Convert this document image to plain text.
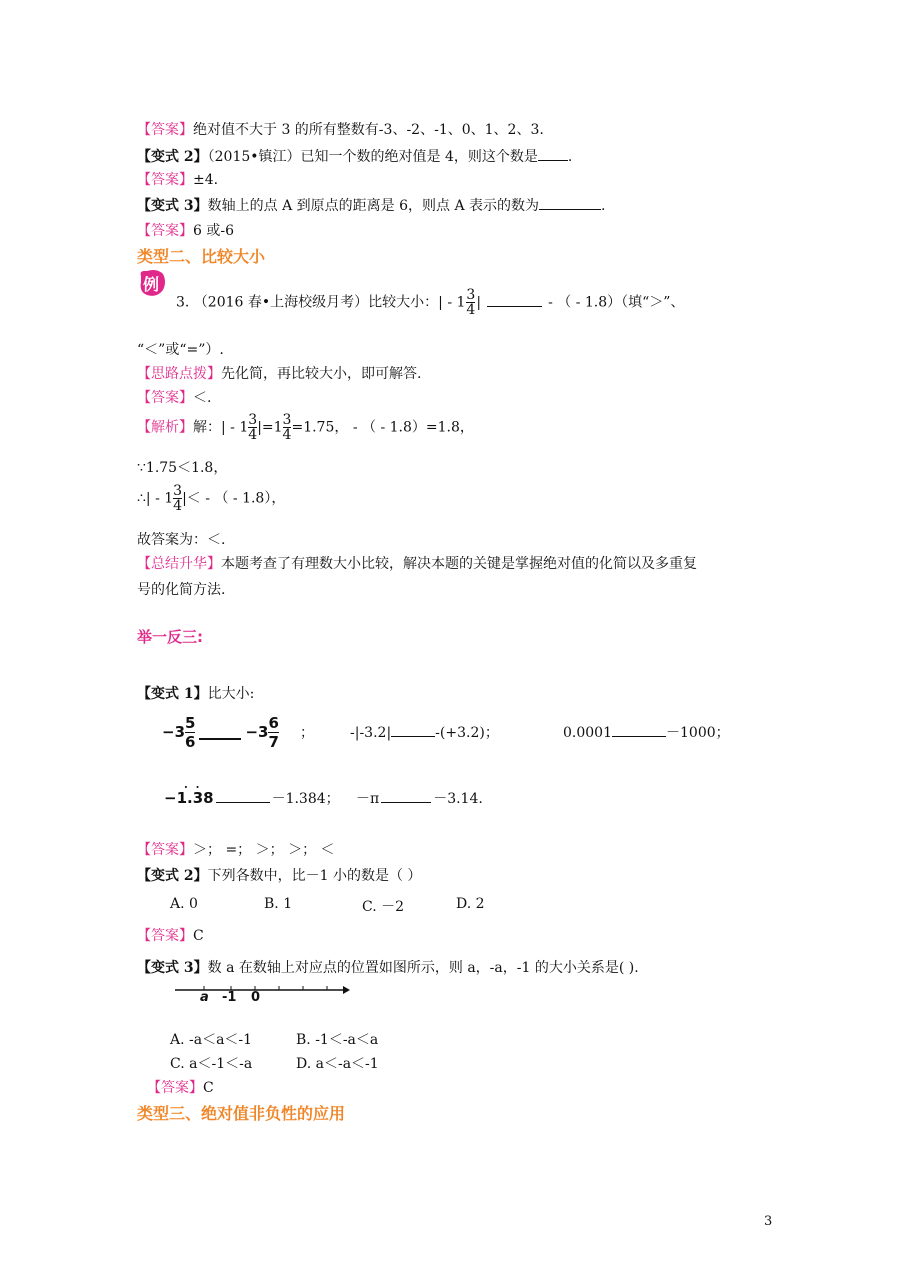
【答案】绝对值不大于 3 的所有整数有-3、-2、-1、0、1、2、3.
【变式 2】（2015•镇江）已知一个数的绝对值是 4，则这个数是 .
【答案】±4.
【变式 3】数轴上的点 A 到原点的距离是 6，则点 A 表示的数为	.
【答案】6 或-6
类型二、比较大小
例
3. （2016 春•上海校级月考）比较大小：| - $1 \frac{3}{4}$ |	- （ - 1.8）（填“＞”、
“＜”或“=”）.
【思路点拨】先化简，再比较大小，即可解答.
【答案】＜.
【解析】解：| - $1 \frac{3}{4} |=1 \frac{3}{4} =1.75$， - （ - 1.8）=1.8，
∵1.75＜1.8，
∴| - $1 \frac{3}{4}$ |＜ - （ - 1.8），
故答案为：＜.
【总结升华】本题考查了有理数大小比较，解决本题的关键是掌握绝对值的化简以及多重复
号的化简方法.
举一反三:
【变式 1】比大小:
$-3 \frac{5}{6}$	$-3 \frac{6}{7}$ ；	-|-3.2|	-(+3.2)；	0.0001	－1000；
. .
−1.38	－1.384； －π	－3.14.
【答案】＞； =； ＞； ＞； ＜
【变式 2】下列各数中，比－1 小的数是（ ）
A. 0	B. 1	C. －2	D. 2
【答案】C
【变式 3】数 a 在数轴上对应点的位置如图所示，则 a，-a，-1 的大小关系是( ).
a -1 0
A. -a＜a＜-1	B. -1＜-a＜a
C. a＜-1＜-a	D. a＜-a＜-1
【答案】C
类型三、绝对值非负性的应用
3
